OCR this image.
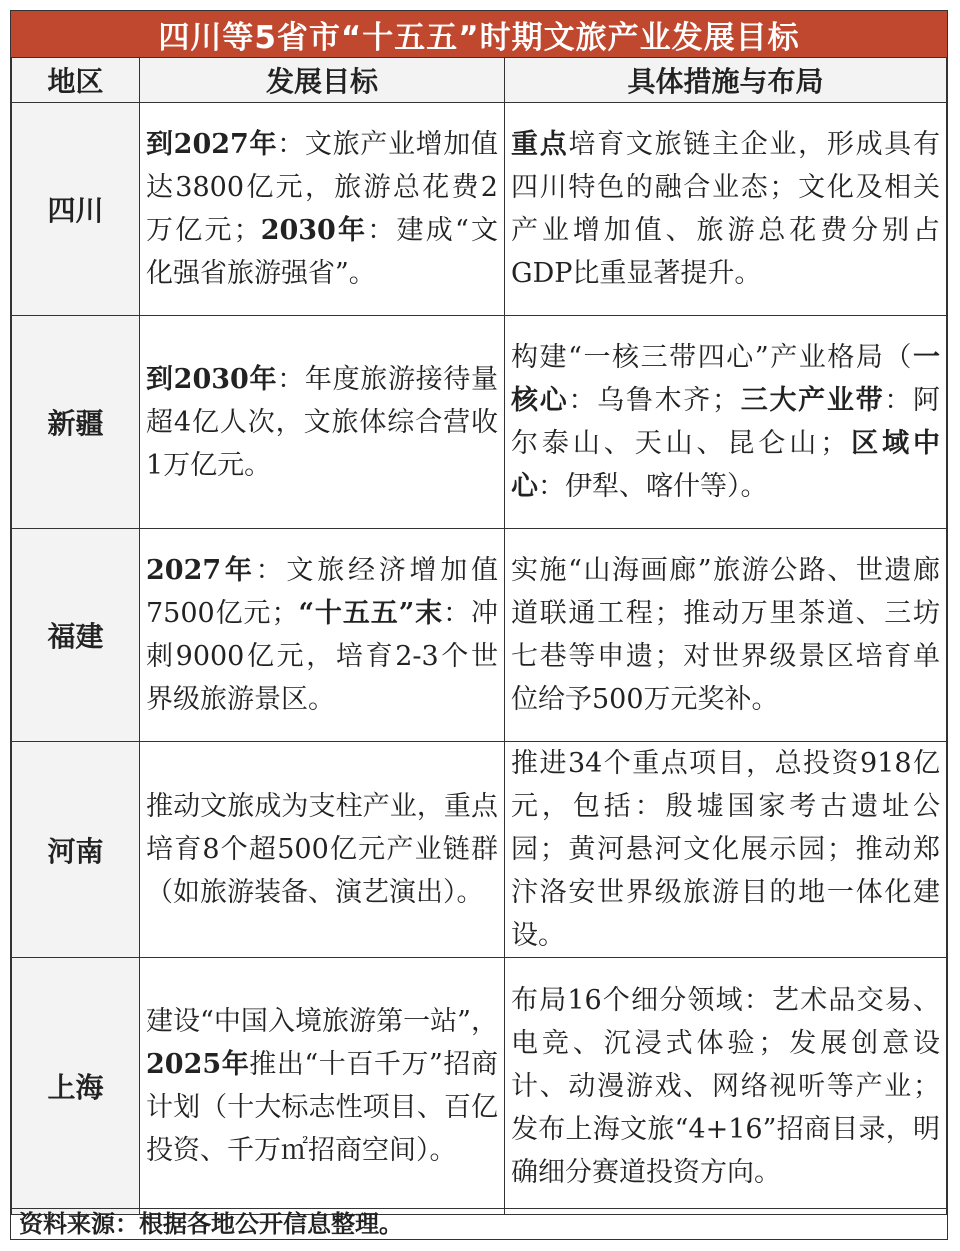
四川等5省市“十五五”时期文旅产业发展目标
地区	发展目标	具体措施与布局
四川	到2027年：文旅产业增加值达3800亿元，旅游总花费2万亿元；2030年：建成“文化强省旅游强省”。	重点培育文旅链主企业，形成具有四川特色的融合业态；文化及相关产业增加值、旅游总花费分别占GDP比重显著提升。
新疆	到2030年：年度旅游接待量超4亿人次，文旅体综合营收1万亿元。	构建“一核三带四心”产业格局（一核心：乌鲁木齐；三大产业带：阿尔泰山、天山、昆仑山；区域中心：伊犁、喀什等）。
福建	2027年：文旅经济增加值7500亿元；“十五五”末：冲刺9000亿元，培育2-3个世界级旅游景区。	实施“山海画廊”旅游公路、世遗廊道联通工程；推动万里茶道、三坊七巷等申遗；对世界级景区培育单位给予500万元奖补。
河南	推动文旅成为支柱产业，重点培育8个超500亿元产业链群（如旅游装备、演艺演出）。	推进34个重点项目，总投资918亿元，包括：殷墟国家考古遗址公园；黄河悬河文化展示园；推动郑汴洛安世界级旅游目的地一体化建设。
上海	建设“中国入境旅游第一站”，2025年推出“十百千万”招商计划（十大标志性项目、百亿投资、千万㎡招商空间）。	布局16个细分领域：艺术品交易、电竞、沉浸式体验；发展创意设计、动漫游戏、网络视听等产业；发布上海文旅“4+16”招商目录，明确细分赛道投资方向。
资料来源：根据各地公开信息整理。
